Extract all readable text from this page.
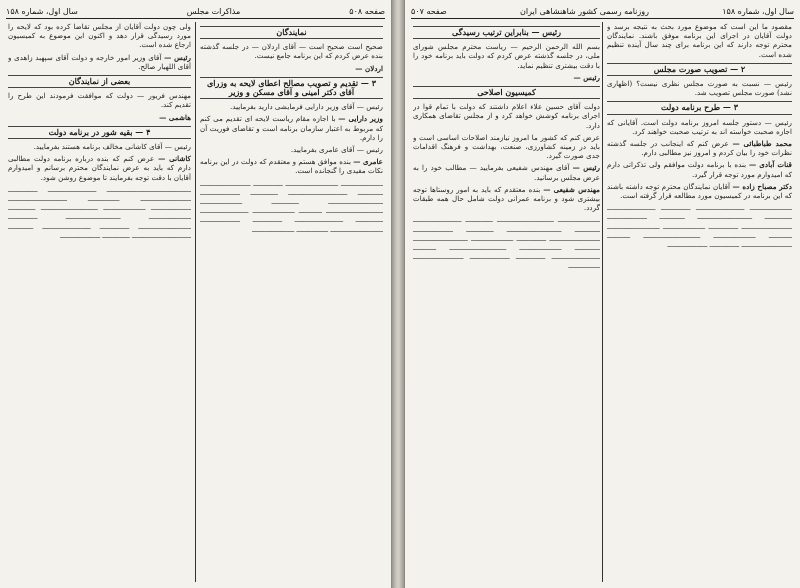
صفحه ۵۰۸
مذاکرات مجلس
سال اول، شماره ۱۵۸

ولی چون دولت آقایان از مجلس تقاضا کرده بود که لایحه را مورد رسیدگی قرار دهد و اکنون این موضوع به کمیسیون ارجاع شده است.

رئیس — آقای وزیر امور خارجه و دولت آقای سپهبد زاهدی و آقای اللهیار صالح.

بعضی از نمایندگان

مهندس فریور — دولت که موافقت فرمودند این طرح را تقدیم کند.

هاشمی —

۴ — بقیه شور در برنامه دولت

رئیس — آقای کاشانی مخالف برنامه هستند بفرمایید.

کاشانی — عرض کنم که بنده درباره برنامه دولت مطالبی دارم که باید به عرض نمایندگان محترم برسانم و امیدوارم آقایان با دقت توجه بفرمایند تا موضوع روشن شود.

ــــــــــــــــــــــــــــــــــــــــ ـــــــــــــــــــــــ ــــــــــــــ ــــــــــــــــــــــــ ـــــــــــــــ ــــــــــــــــــــــــــــ ـــــــــــــــــــ ــــــــــــــــــــ ـــــــــــــــــــــــــــ ـــــــــــــ ــــــــــــــــــــ ــــــــــــــــــــــــــ ــــــــــــــ ـــــــــــــــــــــــــ ــــــــــــــ ـــــــــــــــــــــــ ــــــــــــ ــــــــــــــــــــــــــــ ـــــــــــــ ـــــــــــــــــــ

نمایندگان

صحیح است صحیح است — آقای اردلان — در جلسه گذشته بنده عرض کردم که این برنامه جامع نیست.

اردلان —

۳ — تقدیم و تصویب مصالح اعطای لایحه به وزرای آقای دکتر امینی و آقای مسکن و وزیر

رئیس — آقای وزیر دارایی فرمایشی دارید بفرمایید.

وزیر دارایی — با اجازه مقام ریاست لایحه ای تقدیم می کنم که مربوط به اعتبار سازمان برنامه است و تقاضای فوریت آن را دارم.

رئیس — آقای عامری بفرمایید.

عامری — بنده موافق هستم و معتقدم که دولت در این برنامه نکات مفیدی را گنجانده است.

ــــــــــــــــــــ ـــــــــــــــــــــــــ ــــــــــــــ ــــــــــــــــــــــــ ــــــــــــ ــــــــــــــــــــــــــــ ـــــــــــــ ـــــــــــــــــــ ــــــــــــــــــــــــــ ـــــــــــــ ــــــــــــــــــــ ـــــــــــــــــــــــــــ ـــــــــــ ــــــــــــــــــــ ـــــــــــــــــــــــ ـــــــــــــ ـــــــــــــــــــــــ ــــــــــــــ ـــــــــــــــــــ ـــــــــــــــــــــــــ ـــــــــــــــ ــــــــــــــــــــ

سال اول، شماره ۱۵۸
روزنامه رسمی کشور شاهنشاهی ایران
صفحه ۵۰۷
رئیس — بنابراین ترتیب رسیدگی

بسم الله الرحمن الرحیم — ریاست محترم مجلس شورای ملی، در جلسه گذشته عرض کردم که دولت باید برنامه خود را با دقت بیشتری تنظیم نماید.

رئیس —

کمیسیون اصلاحی

دولت آقای حسین علاء اعلام داشتند که دولت با تمام قوا در اجرای برنامه کوشش خواهد کرد و از مجلس تقاضای همکاری دارد.

عرض کنم که کشور ما امروز نیازمند اصلاحات اساسی است و باید در زمینه کشاورزی، صنعت، بهداشت و فرهنگ اقدامات جدی صورت گیرد.

رئیس — آقای مهندس شفیعی بفرمایید — مطالب خود را به عرض مجلس برسانید.

مهندس شفیعی — بنده معتقدم که باید به امور روستاها توجه بیشتری شود و برنامه عمرانی دولت شامل حال همه طبقات گردد.

ــــــــــــــــــــ ـــــــــــــــــــــــــــ ـــــــــــــ ـــــــــــــــــــــــ ــــــــــــ ــــــــــــــــــــــــــ ـــــــــــــ ـــــــــــــــــــ ــــــــــــــــــــــــ ــــــــــــــ ــــــــــــــــــــ ــــــــــــــــــــــــــ ــــــــــــ ــــــــــــــــــــ ـــــــــــــــــــــــــــ ـــــــــــ ـــــــــــــــــــــــ ــــــــــــــ ـــــــــــــــــــ ــــــــــــــــــــــــ ـــــــــــــــ

مقصود ما این است که موضوع مورد بحث به نتیجه برسد و دولت آقایان در اجرای این برنامه موفق باشند. نمایندگان محترم توجه دارند که این برنامه برای چند سال آینده تنظیم شده است.

۲ — تصویب صورت مجلس

رئیس — نسبت به صورت مجلس نظری نیست؟ (اظهاری نشد) صورت مجلس تصویب شد.

۳ — طرح برنامه دولت

رئیس — دستور جلسه امروز برنامه دولت است. آقایانی که اجازه صحبت خواسته اند به ترتیب صحبت خواهند کرد.

محمد طباطبائی — عرض کنم که اینجانب در جلسه گذشته نظرات خود را بیان کردم و امروز نیز مطالبی دارم.

قنات آبادی — بنده با برنامه دولت موافقم ولی تذکراتی دارم که امیدوارم مورد توجه قرار گیرد.

دکتر مصباح زاده — آقایان نمایندگان محترم توجه داشته باشند که این برنامه در کمیسیون مورد مطالعه قرار گرفته است.

ــــــــــــــــــــ ـــــــــــــــــــــــ ــــــــــــــ ـــــــــــــــــــــــ ـــــــــــــ ــــــــــــــــــــــــــ ــــــــــــ ـــــــــــــــــــ ــــــــــــــــــــــــ ــــــــــــــ ــــــــــــــــــــ ـــــــــــــــــــــــــ ـــــــــــ ــــــــــــــــــــ ـــــــــــــــــــــــــــ ـــــــــــ ــــــــــــــــــــــــ ــــــــــــــ ـــــــــــــــــــ
